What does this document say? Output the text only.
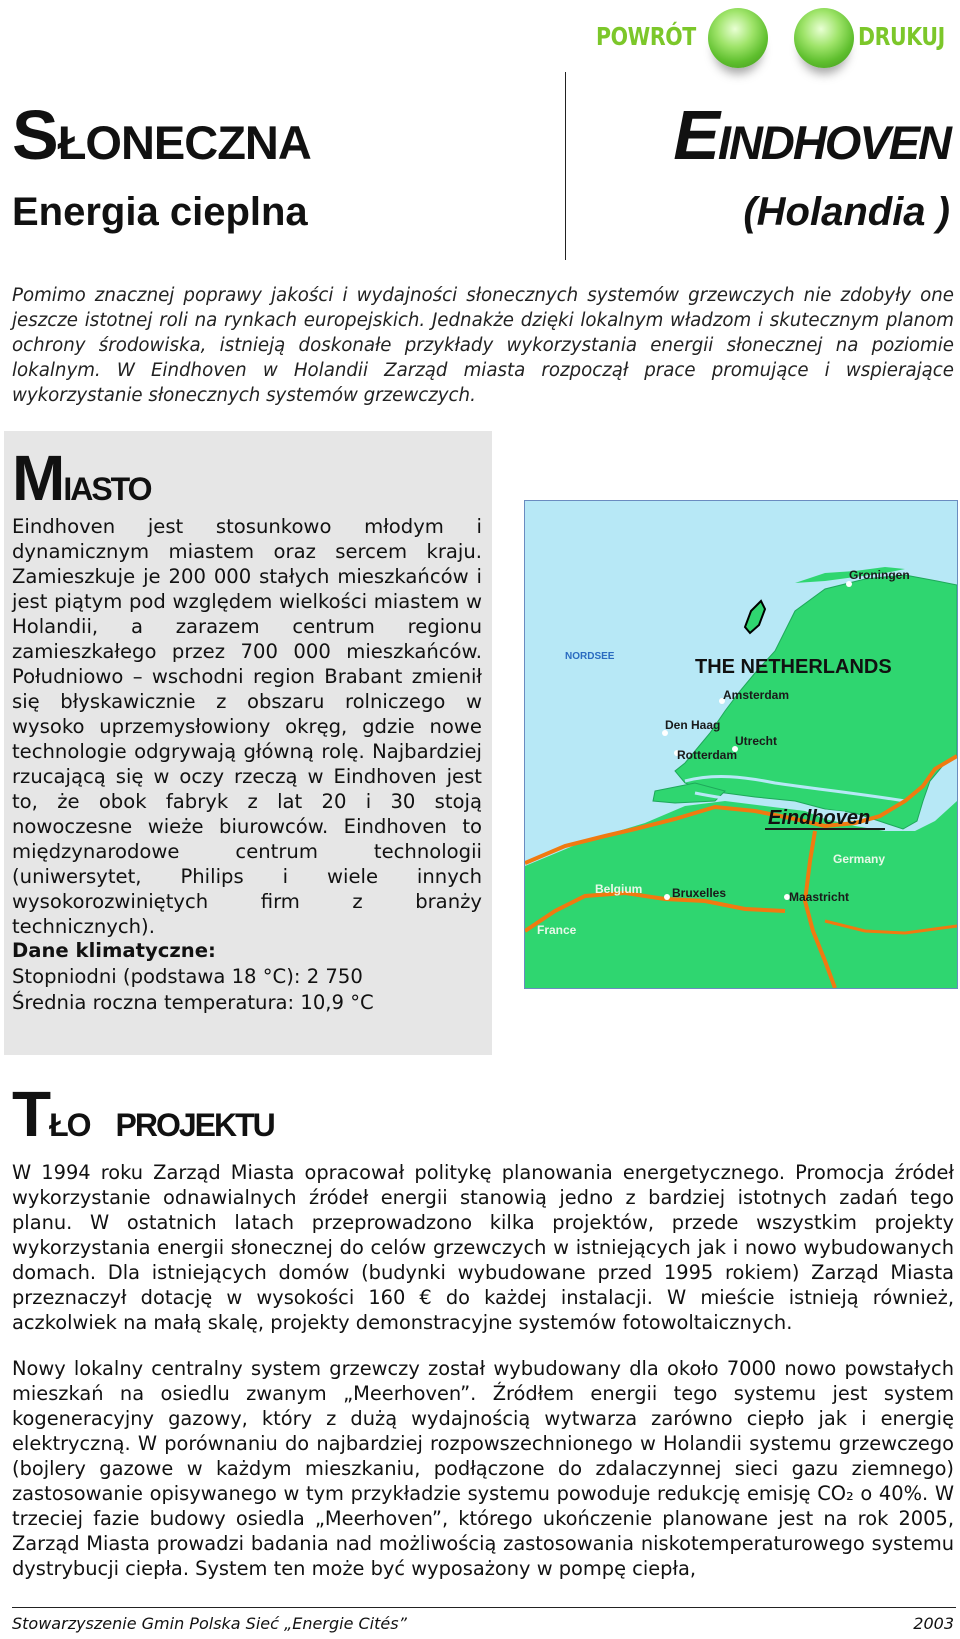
POWRÓT	DRUKUJ
SŁONECZNA
Energia cieplna
EINDHOVEN
(Holandia )
Pomimo znacznej poprawy jakości i wydajności słonecznych systemów grzewczych nie zdobyły one jeszcze istotnej roli na rynkach europejskich. Jednakże dzięki lokalnym władzom i skutecznym planom ochrony środowiska, istnieją doskonałe przykłady wykorzystania energii słonecznej na poziomie lokalnym. W Eindhoven w Holandii Zarząd miasta rozpoczął prace promujące i wspierające wykorzystanie słonecznych systemów grzewczych.
MIASTO
Eindhoven jest stosunkowo młodym i dynamicznym miastem oraz sercem kraju. Zamieszkuje je 200 000 stałych mieszkańców i jest piątym pod względem wielkości miastem w Holandii, a zarazem centrum regionu zamieszkałego przez 700 000 mieszkańców. Południowo – wschodni region Brabant zmienił się błyskawicznie z obszaru rolniczego w wysoko uprzemysłowiony okręg, gdzie nowe technologie odgrywają główną rolę. Najbardziej rzucającą się w oczy rzeczą w Eindhoven jest to, że obok fabryk z lat 20 i 30 stoją nowoczesne wieże biurowców. Eindhoven to międzynarodowe centrum technologii (uniwersytet, Philips i wiele innych wysokorozwiniętych firm z branży technicznych).
Dane klimatyczne:
Stopniodni (podstawa 18 °C): 2 750
Średnia roczna temperatura: 10,9 °C
Groningen
THE NETHERLANDS
NORDSEE
Amsterdam
Den Haag
Utrecht
Rotterdam
Eindhoven
Germany
Belgium Bruxelles	Maastricht
France
TŁO PROJEKTU
W 1994 roku Zarząd Miasta opracował politykę planowania energetycznego. Promocja źródeł wykorzystanie odnawialnych źródeł energii stanowią jedno z bardziej istotnych zadań tego planu. W ostatnich latach przeprowadzono kilka projektów, przede wszystkim projekty wykorzystania energii słonecznej do celów grzewczych w istniejących jak i nowo wybudowanych domach. Dla istniejących domów (budynki wybudowane przed 1995 rokiem) Zarząd Miasta przeznaczył dotację w wysokości 160 € do każdej instalacji. W mieście istnieją również, aczkolwiek na małą skalę, projekty demonstracyjne systemów fotowoltaicznych.
Nowy lokalny centralny system grzewczy został wybudowany dla około 7000 nowo powstałych mieszkań na osiedlu zwanym „Meerhoven”. Źródłem energii tego systemu jest system kogeneracyjny gazowy, który z dużą wydajnością wytwarza zarówno ciepło jak i energię elektryczną. W porównaniu do najbardziej rozpowszechnionego w Holandii systemu grzewczego (bojlery gazowe w każdym mieszkaniu, podłączone do zdalaczynnej sieci gazu ziemnego) zastosowanie opisywanego w tym przykładzie systemu powoduje redukcję emisję CO₂ o 40%. W trzeciej fazie budowy osiedla „Meerhoven”, którego ukończenie planowane jest na rok 2005, Zarząd Miasta prowadzi badania nad możliwością zastosowania niskotemperaturowego systemu dystrybucji ciepła. System ten może być wyposażony w pompę ciepła,
Stowarzyszenie Gmin Polska Sieć „Energie Cités”	2003
